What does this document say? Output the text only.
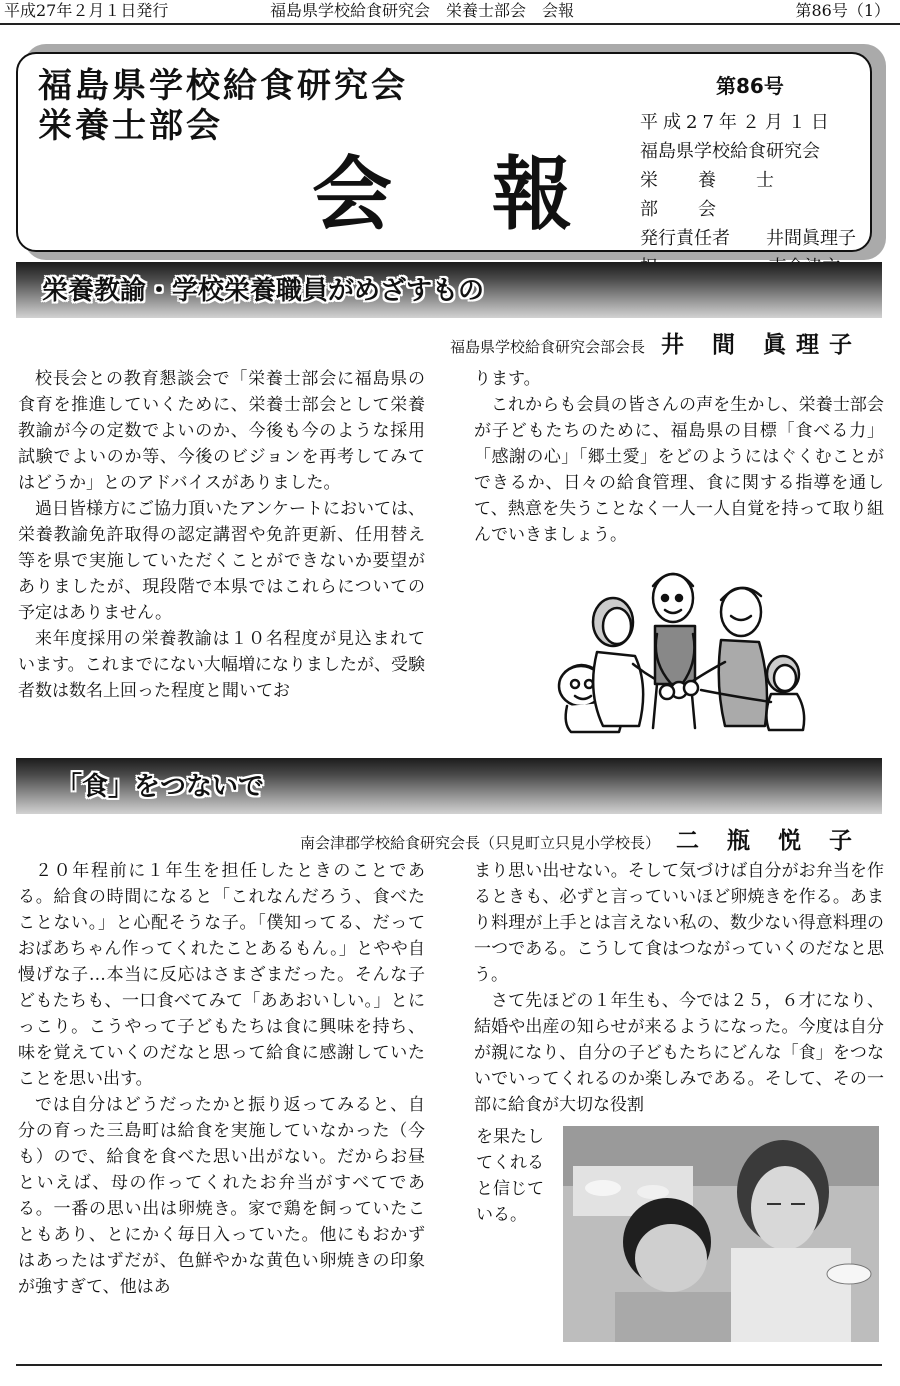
平成27年２月１日発行	福島県学校給食研究会　栄養士部会　会報	第86号（1）
福島県学校給食研究会
栄養士部会
会報
第86号
平成27年２月１日
福島県学校給食研究会
栄養士部会
発行責任者 井間眞理子
栄養教諭・学校栄養職員がめざすもの
福島県学校給食研究会部会長 井 間 眞理子

校長会との教育懇談会で「栄養士部会に福島県の食育を推進していくために、栄養士部会として栄養教諭が今の定数でよいのか、今後も今のような採用試験でよいのか等、今後のビジョンを再考してみてはどうか」とのアドバイスがありました。

過日皆様方にご協力頂いたアンケートにおいては、栄養教諭免許取得の認定講習や免許更新、任用替え等を県で実施していただくことができないか要望がありましたが、現段階で本県ではこれらについての予定はありません。

来年度採用の栄養教諭は１０名程度が見込まれています。これまでにない大幅増になりましたが、受験者数は数名上回った程度と聞いてお

ります。

これからも会員の皆さんの声を生かし、栄養士部会が子どもたちのために、福島県の目標「食べる力」「感謝の心」「郷土愛」をどのようにはぐくむことができるか、日々の給食管理、食に関する指導を通して、熱意を失うことなく一人一人自覚を持って取り組んでいきましょう。

「食」をつないで
南会津郡学校給食研究会長（只見町立只見小学校長） 二 瓶 悦 子

２０年程前に１年生を担任したときのことである。給食の時間になると「これなんだろう、食べたことない。」と心配そうな子。「僕知ってる、だっておばあちゃん作ってくれたことあるもん。」とやや自慢げな子…本当に反応はさまざまだった。そんな子どもたちも、一口食べてみて「ああおいしい。」とにっこり。こうやって子どもたちは食に興味を持ち、味を覚えていくのだなと思って給食に感謝していたことを思い出す。

では自分はどうだったかと振り返ってみると、自分の育った三島町は給食を実施していなかった（今も）ので、給食を食べた思い出がない。だからお昼といえば、母の作ってくれたお弁当がすべてである。一番の思い出は卵焼き。家で鶏を飼っていたこともあり、とにかく毎日入っていた。他にもおかずはあったはずだが、色鮮やかな黄色い卵焼きの印象が強すぎて、他はあ

まり思い出せない。そして気づけば自分がお弁当を作るときも、必ずと言っていいほど卵焼きを作る。あまり料理が上手とは言えない私の、数少ない得意料理の一つである。こうして食はつながっていくのだなと思う。

さて先ほどの１年生も、今では２５，６才になり、結婚や出産の知らせが来るようになった。今度は自分が親になり、自分の子どもたちにどんな「食」をつないでいってくれるのか楽しみである。そして、その一部に給食が大切な役割

を果たし
てくれる
と信じて
いる。
